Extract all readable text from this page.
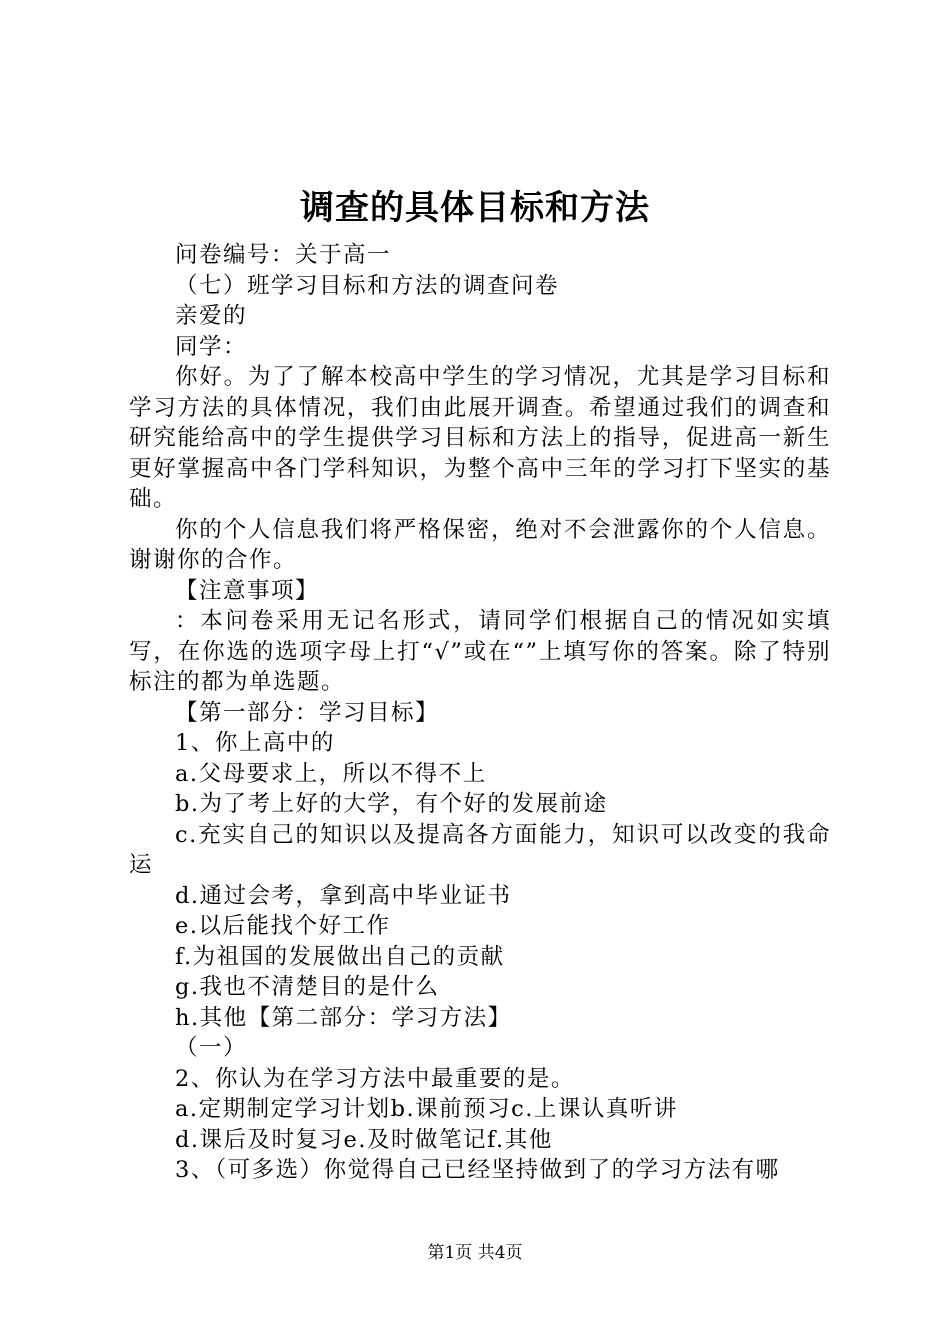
调查的具体目标和方法

问卷编号：关于高一

（七）班学习目标和方法的调查问卷

亲爱的

同学：

你好。为了了解本校高中学生的学习情况，尤其是学习目标和学习方法的具体情况，我们由此展开调查。希望通过我们的调查和研究能给高中的学生提供学习目标和方法上的指导，促进高一新生更好掌握高中各门学科知识，为整个高中三年的学习打下坚实的基础。

你的个人信息我们将严格保密，绝对不会泄露你的个人信息。谢谢你的合作。

【注意事项】

：本问卷采用无记名形式，请同学们根据自己的情况如实填写，在你选的选项字母上打“√”或在“”上填写你的答案。除了特别标注的都为单选题。

【第一部分：学习目标】

1、你上高中的

a.父母要求上，所以不得不上

b.为了考上好的大学，有个好的发展前途

c.充实自己的知识以及提高各方面能力，知识可以改变的我命运

d.通过会考，拿到高中毕业证书

e.以后能找个好工作

f.为祖国的发展做出自己的贡献

g.我也不清楚目的是什么

h.其他【第二部分：学习方法】

（一）

2、你认为在学习方法中最重要的是。

a.定期制定学习计划b.课前预习c.上课认真听讲

d.课后及时复习e.及时做笔记f.其他

3、（可多选）你觉得自己已经坚持做到了的学习方法有哪

第1页 共4页
